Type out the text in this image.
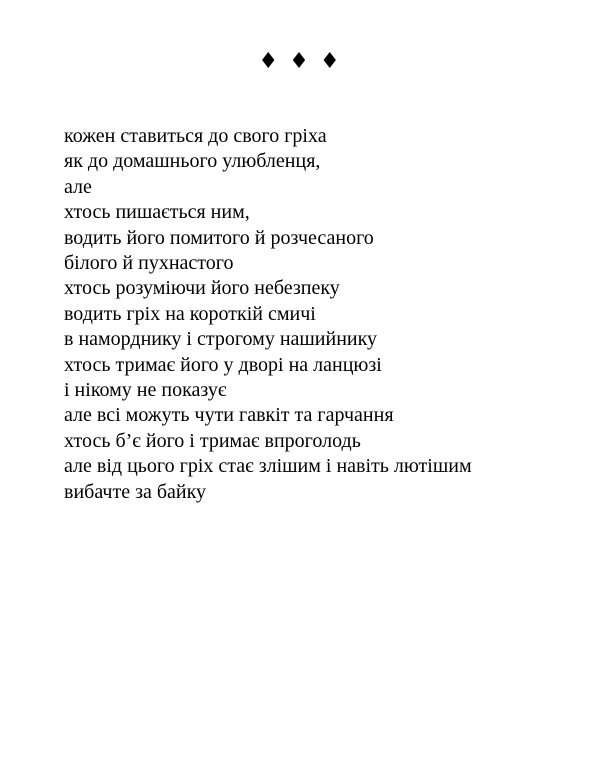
♦ ♦ ♦
кожен ставиться до свого гріха
як до домашнього улюбленця,
але
хтось пишається ним,
водить його помитого й розчесаного
білого й пухнастого
хтось розуміючи його небезпеку
водить гріх на короткій смичі
в наморднику і строгому нашийнику
хтось тримає його у дворі на ланцюзі
і нікому не показує
але всі можуть чути гавкіт та гарчання
хтось б’є його і тримає впроголодь
але від цього гріх стає злішим і навіть лютішим
вибачте за байку
